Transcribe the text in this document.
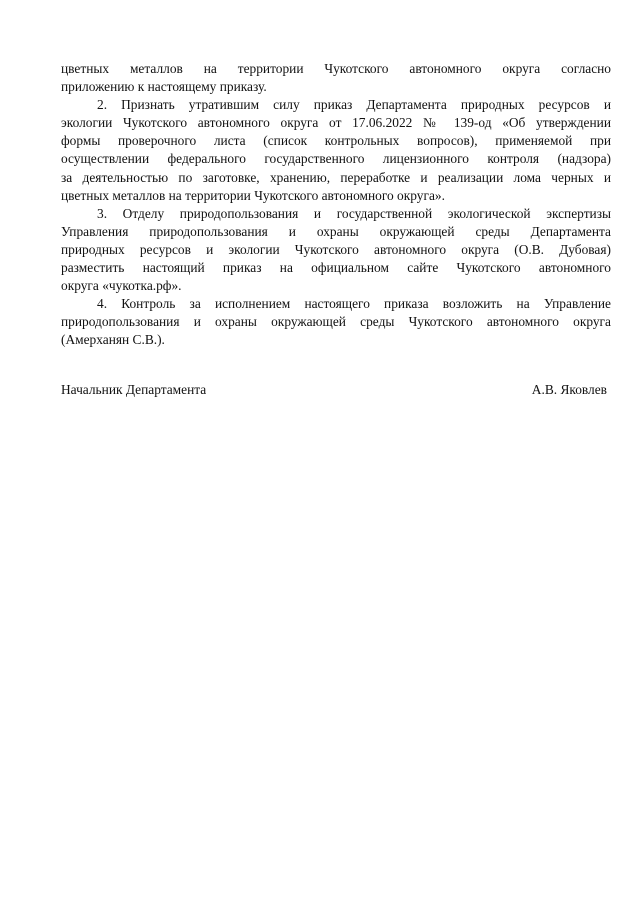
цветных металлов на территории Чукотского автономного округа согласно
приложению к настоящему приказу.
2. Признать утратившим силу приказ Департамента природных ресурсов и
экологии Чукотского автономного округа от 17.06.2022 № 139-од «Об утверждении
формы проверочного листа (список контрольных вопросов), применяемой при
осуществлении федерального государственного лицензионного контроля (надзора)
за деятельностью по заготовке, хранению, переработке и реализации лома черных и
цветных металлов на территории Чукотского автономного округа».
3. Отделу природопользования и государственной экологической экспертизы
Управления природопользования и охраны окружающей среды Департамента
природных ресурсов и экологии Чукотского автономного округа (О.В. Дубовая)
разместить настоящий приказ на официальном сайте Чукотского автономного
округа «чукотка.рф».
4. Контроль за исполнением настоящего приказа возложить на Управление
природопользования и охраны окружающей среды Чукотского автономного округа
(Амерханян С.В.).
Начальник Департамента	А.В. Яковлев
